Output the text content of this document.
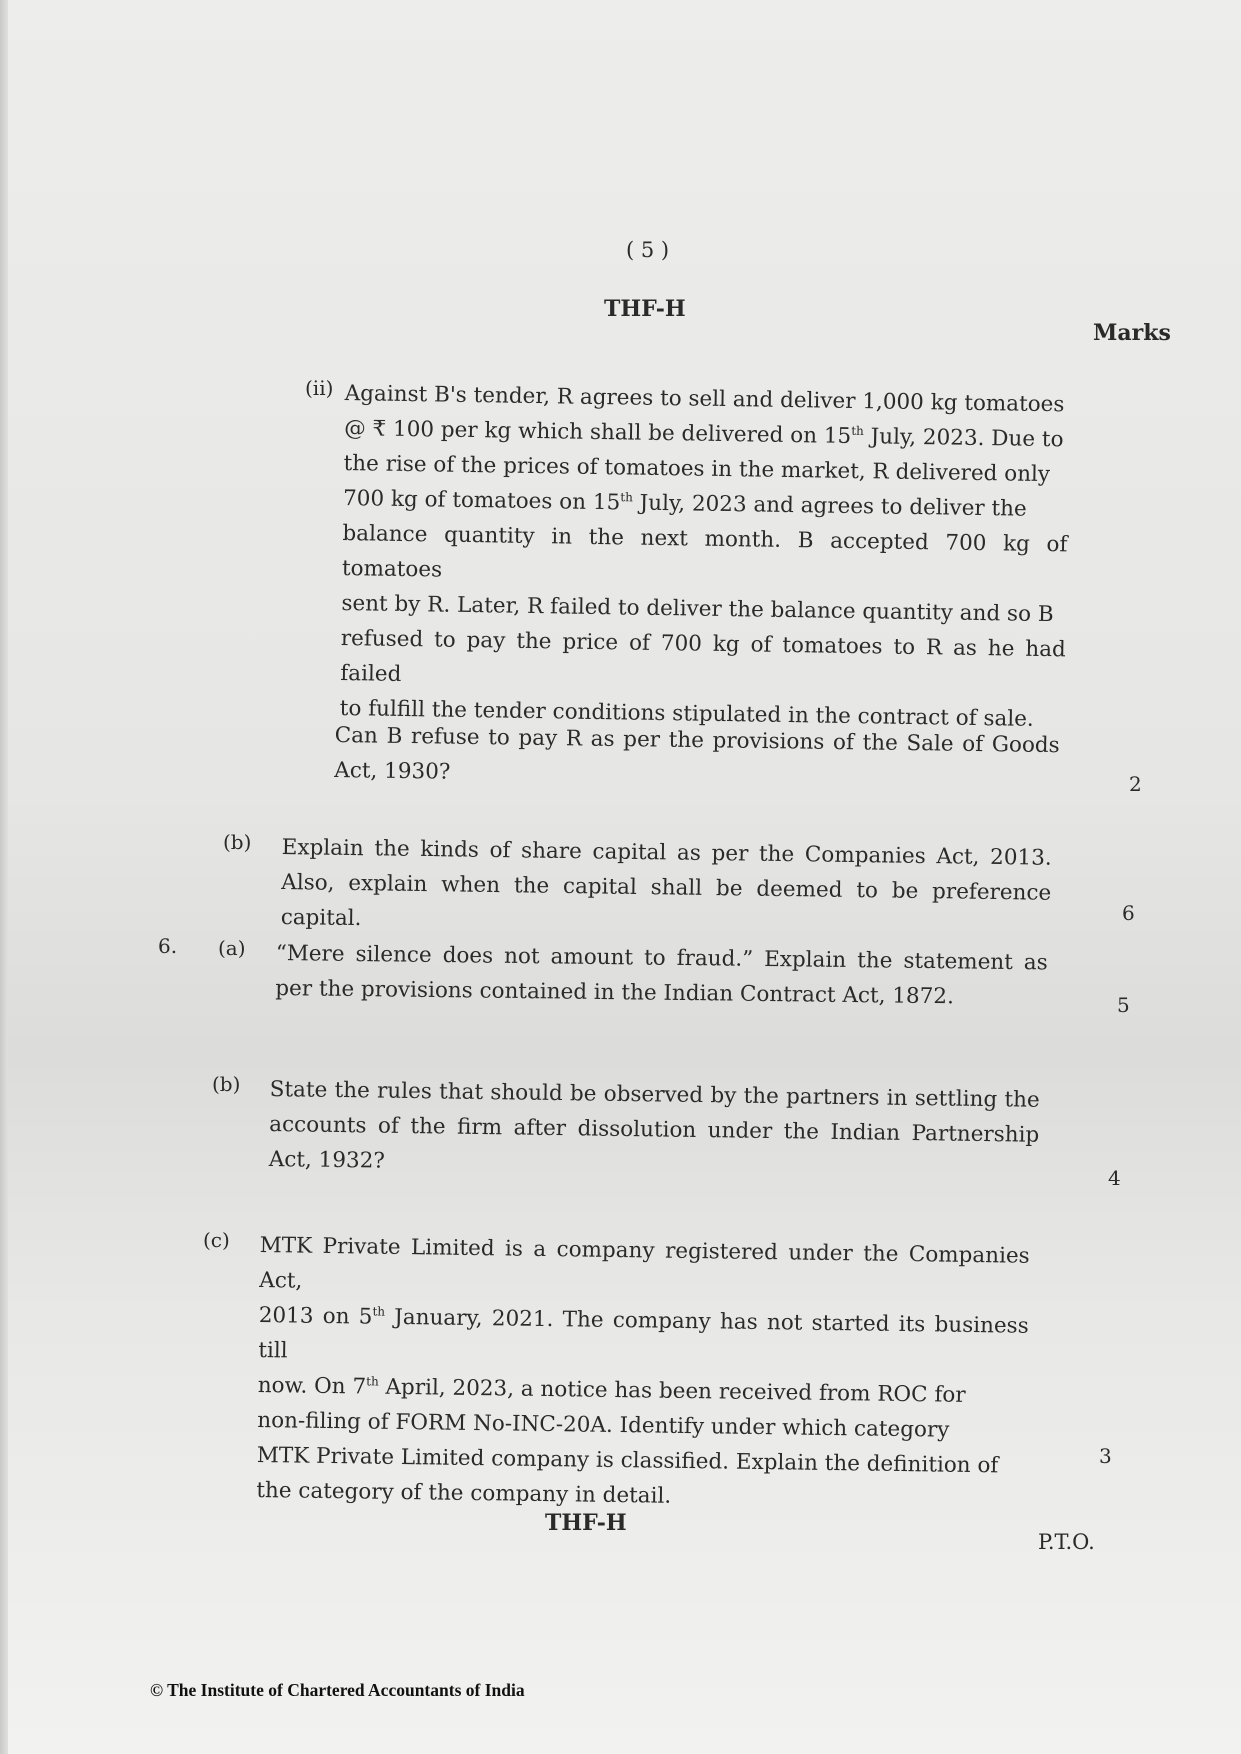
( 5 )
THF-H
Marks
(ii) Against B's tender, R agrees to sell and deliver 1,000 kg tomatoes
@ ₹ 100 per kg which shall be delivered on 15th July, 2023. Due to
the rise of the prices of tomatoes in the market, R delivered only
700 kg of tomatoes on 15th July, 2023 and agrees to deliver the
balance quantity in the next month. B accepted 700 kg of tomatoes
sent by R. Later, R failed to deliver the balance quantity and so B
refused to pay the price of 700 kg of tomatoes to R as he had failed
to fulfill the tender conditions stipulated in the contract of sale.
Can B refuse to pay R as per the provisions of the Sale of Goods Act, 1930?	2
(b) Explain the kinds of share capital as per the Companies Act, 2013. Also, explain when the capital shall be deemed to be preference capital.	6
6. (a) “Mere silence does not amount to fraud.” Explain the statement as per the provisions contained in the Indian Contract Act, 1872.	5
(b) State the rules that should be observed by the partners in settling the accounts of the firm after dissolution under the Indian Partnership Act, 1932?
4
(c) MTK Private Limited is a company registered under the Companies Act,
2013 on 5th January, 2021. The company has not started its business till
now. On 7th April, 2023, a notice has been received from ROC for
non-filing of FORM No-INC-20A. Identify under which category
MTK Private Limited company is classified. Explain the definition of
the category of the company in detail.
3
THF-H
P.T.O.
© The Institute of Chartered Accountants of India
